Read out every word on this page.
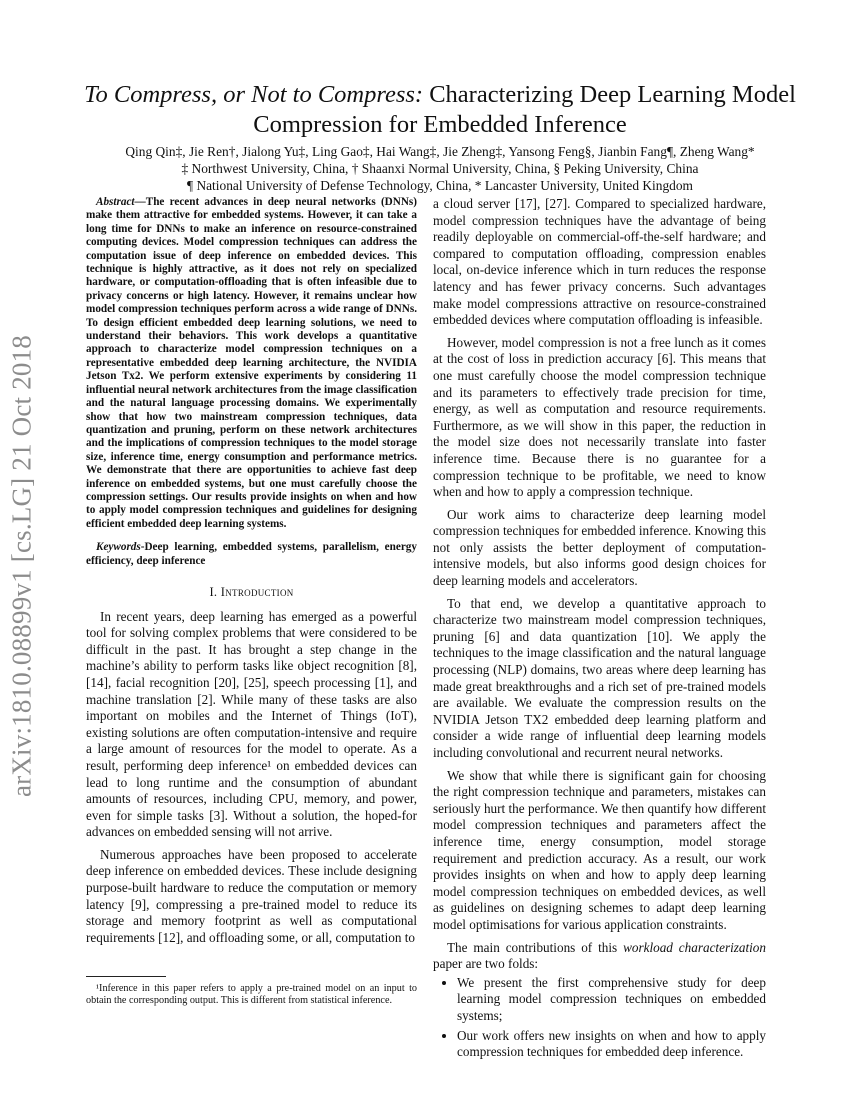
arXiv:1810.08899v1 [cs.LG] 21 Oct 2018
To Compress, or Not to Compress: Characterizing Deep Learning Model
Compression for Embedded Inference
Qing Qin‡, Jie Ren†, Jialong Yu‡, Ling Gao‡, Hai Wang‡, Jie Zheng‡, Yansong Feng§, Jianbin Fang¶, Zheng Wang*
‡ Northwest University, China, † Shaanxi Normal University, China, § Peking University, China
¶ National University of Defense Technology, China, * Lancaster University, United Kingdom

Abstract—The recent advances in deep neural networks (DNNs) make them attractive for embedded systems. However, it can take a long time for DNNs to make an inference on resource-constrained computing devices. Model compression techniques can address the computation issue of deep inference on embedded devices. This technique is highly attractive, as it does not rely on specialized hardware, or computation-offloading that is often infeasible due to privacy concerns or high latency. However, it remains unclear how model compression techniques perform across a wide range of DNNs. To design efficient embedded deep learning solutions, we need to understand their behaviors. This work develops a quantitative approach to characterize model compression techniques on a representative embedded deep learning architecture, the NVIDIA Jetson Tx2. We perform extensive experiments by considering 11 influential neural network architectures from the image classification and the natural language processing domains. We experimentally show that how two mainstream compression techniques, data quantization and pruning, perform on these network architectures and the implications of compression techniques to the model storage size, inference time, energy consumption and performance metrics. We demonstrate that there are opportunities to achieve fast deep inference on embedded systems, but one must carefully choose the compression settings. Our results provide insights on when and how to apply model compression techniques and guidelines for designing efficient embedded deep learning systems.

Keywords-Deep learning, embedded systems, parallelism, energy efficiency, deep inference

I. Introduction

In recent years, deep learning has emerged as a powerful tool for solving complex problems that were considered to be difficult in the past. It has brought a step change in the machine’s ability to perform tasks like object recognition [8], [14], facial recognition [20], [25], speech processing [1], and machine translation [2]. While many of these tasks are also important on mobiles and the Internet of Things (IoT), existing solutions are often computation-intensive and require a large amount of resources for the model to operate. As a result, performing deep inference¹ on embedded devices can lead to long runtime and the consumption of abundant amounts of resources, including CPU, memory, and power, even for simple tasks [3]. Without a solution, the hoped-for advances on embedded sensing will not arrive.

Numerous approaches have been proposed to accelerate deep inference on embedded devices. These include designing purpose-built hardware to reduce the computation or memory latency [9], compressing a pre-trained model to reduce its storage and memory footprint as well as computational requirements [12], and offloading some, or all, computation to

a cloud server [17], [27]. Compared to specialized hardware, model compression techniques have the advantage of being readily deployable on commercial-off-the-self hardware; and compared to computation offloading, compression enables local, on-device inference which in turn reduces the response latency and has fewer privacy concerns. Such advantages make model compressions attractive on resource-constrained embedded devices where computation offloading is infeasible.

However, model compression is not a free lunch as it comes at the cost of loss in prediction accuracy [6]. This means that one must carefully choose the model compression technique and its parameters to effectively trade precision for time, energy, as well as computation and resource requirements. Furthermore, as we will show in this paper, the reduction in the model size does not necessarily translate into faster inference time. Because there is no guarantee for a compression technique to be profitable, we need to know when and how to apply a compression technique.

Our work aims to characterize deep learning model compression techniques for embedded inference. Knowing this not only assists the better deployment of computation-intensive models, but also informs good design choices for deep learning models and accelerators.

To that end, we develop a quantitative approach to characterize two mainstream model compression techniques, pruning [6] and data quantization [10]. We apply the techniques to the image classification and the natural language processing (NLP) domains, two areas where deep learning has made great breakthroughs and a rich set of pre-trained models are available. We evaluate the compression results on the NVIDIA Jetson TX2 embedded deep learning platform and consider a wide range of influential deep learning models including convolutional and recurrent neural networks.

We show that while there is significant gain for choosing the right compression technique and parameters, mistakes can seriously hurt the performance. We then quantify how different model compression techniques and parameters affect the inference time, energy consumption, model storage requirement and prediction accuracy. As a result, our work provides insights on when and how to apply deep learning model compression techniques on embedded devices, as well as guidelines on designing schemes to adapt deep learning model optimisations for various application constraints.

The main contributions of this workload characterization paper are two folds:

• We present the first comprehensive study for deep learning model compression techniques on embedded systems;
• Our work offers new insights on when and how to apply compression techniques for embedded deep inference.
¹Inference in this paper refers to apply a pre-trained model on an input to obtain the corresponding output. This is different from statistical inference.
